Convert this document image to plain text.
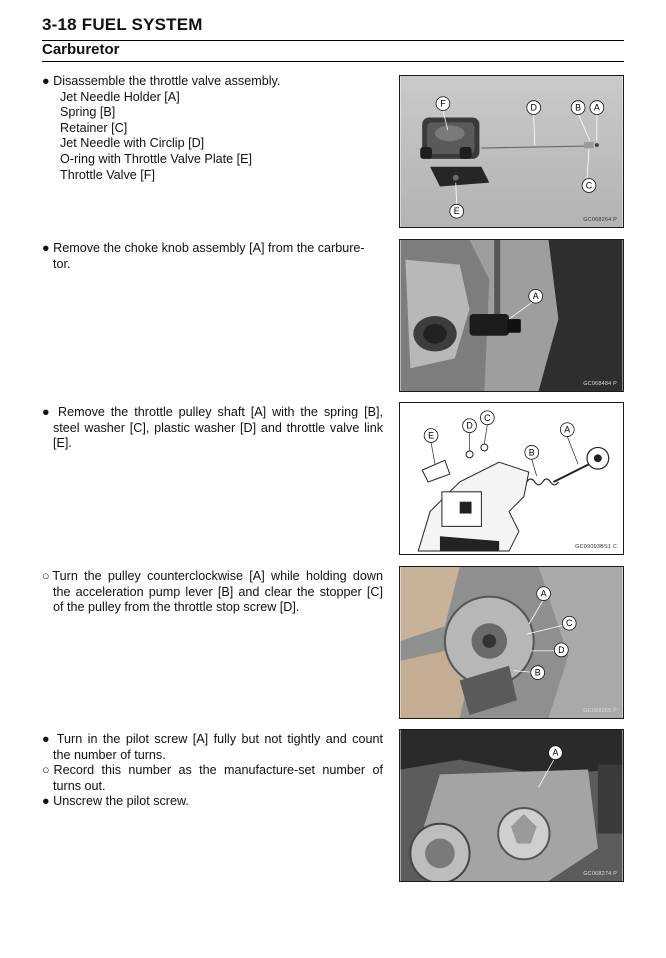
3-18 FUEL SYSTEM
Carburetor
● Disassemble the throttle valve assembly.
Jet Needle Holder [A]
Spring [B]
Retainer [C]
Jet Needle with Circlip [D]
O-ring with Throttle Valve Plate [E]
Throttle Valve [F]
F	D	B A
C
E
GC068264 P
● Remove the choke knob assembly [A] from the carbure-
tor.
A
GC068484 P
● Remove the throttle pulley shaft [A] with the spring [B],
steel washer [C], plastic washer [D] and throttle valve link
[E].
E
D
C
B
A
GC09093BS1 C
○Turn the pulley counterclockwise [A] while holding down
the acceleration pump lever [B] and clear the stopper [C]
of the pulley from the throttle stop screw [D].
A
C
D
B
GC068265 P
● Turn in the pilot screw [A] fully but not tightly and count
the number of turns.
○Record this number as the manufacture-set number of
turns out.
● Unscrew the pilot screw.
A
GC068274 P
